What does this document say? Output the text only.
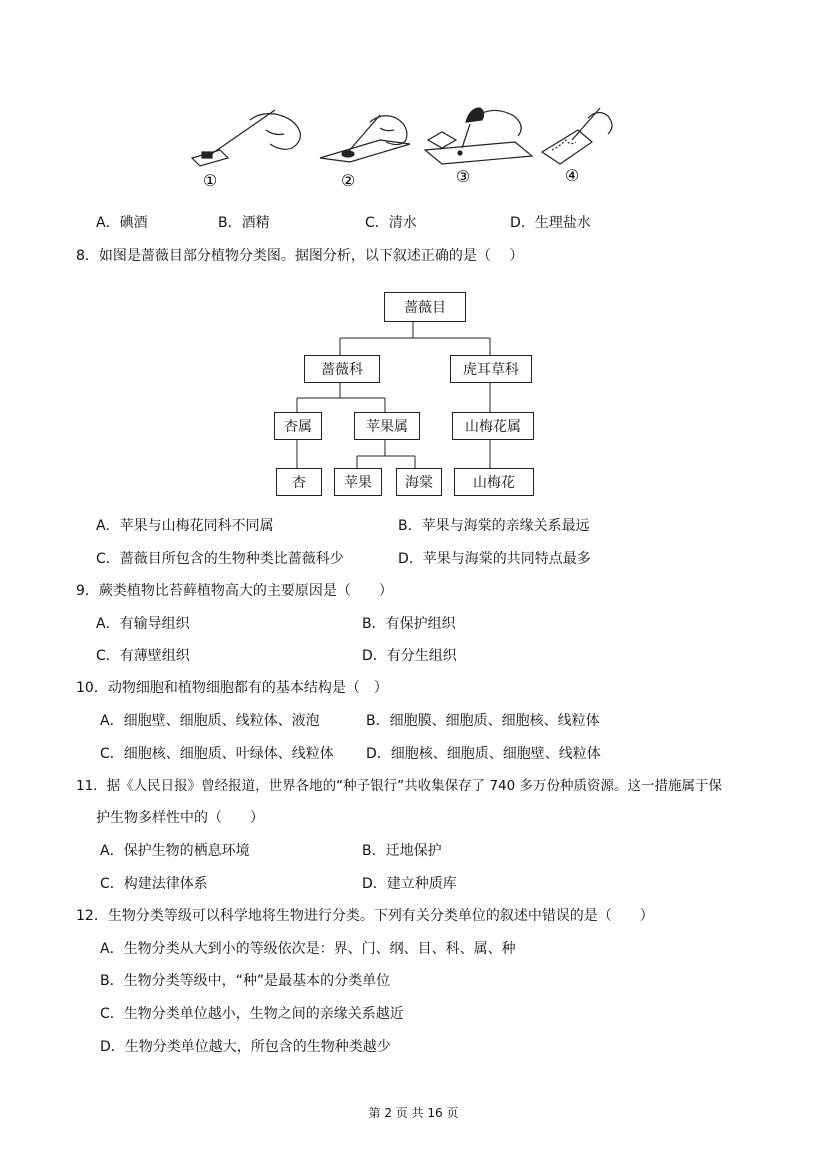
①	②	③	④
A．碘酒	B．酒精	C．清水	D．生理盐水
8．如图是蔷薇目部分植物分类图。据图分析，以下叙述正确的是（　 ）
蔷薇目
蔷薇科	虎耳草科
杏属	苹果属	山梅花属
杏	苹果	海棠	山梅花
A．苹果与山梅花同科不同属	B．苹果与海棠的亲缘关系最远
C．蔷薇目所包含的生物种类比蔷薇科少	D．苹果与海棠的共同特点最多
9．蕨类植物比苔藓植物高大的主要原因是（　　）
A．有输导组织	B．有保护组织
C．有薄壁组织	D．有分生组织
10．动物细胞和植物细胞都有的基本结构是（　）
A．细胞壁、细胞质、线粒体、液泡	B．细胞膜、细胞质、细胞核、线粒体
C．细胞核、细胞质、叶绿体、线粒体 D．细胞核、细胞质、细胞壁、线粒体
11．据《人民日报》曾经报道，世界各地的“种子银行”共收集保存了 740 多万份种质资源。这一措施属于保
护生物多样性中的（　　）
A．保护生物的栖息环境	B．迁地保护
C．构建法律体系	D．建立种质库
12．生物分类等级可以科学地将生物进行分类。下列有关分类单位的叙述中错误的是（　　）
A．生物分类从大到小的等级依次是：界、门、纲、目、科、属、种
B．生物分类等级中，“种”是最基本的分类单位
C．生物分类单位越小，生物之间的亲缘关系越近
D．生物分类单位越大，所包含的生物种类越少
第 2 页 共 16 页
